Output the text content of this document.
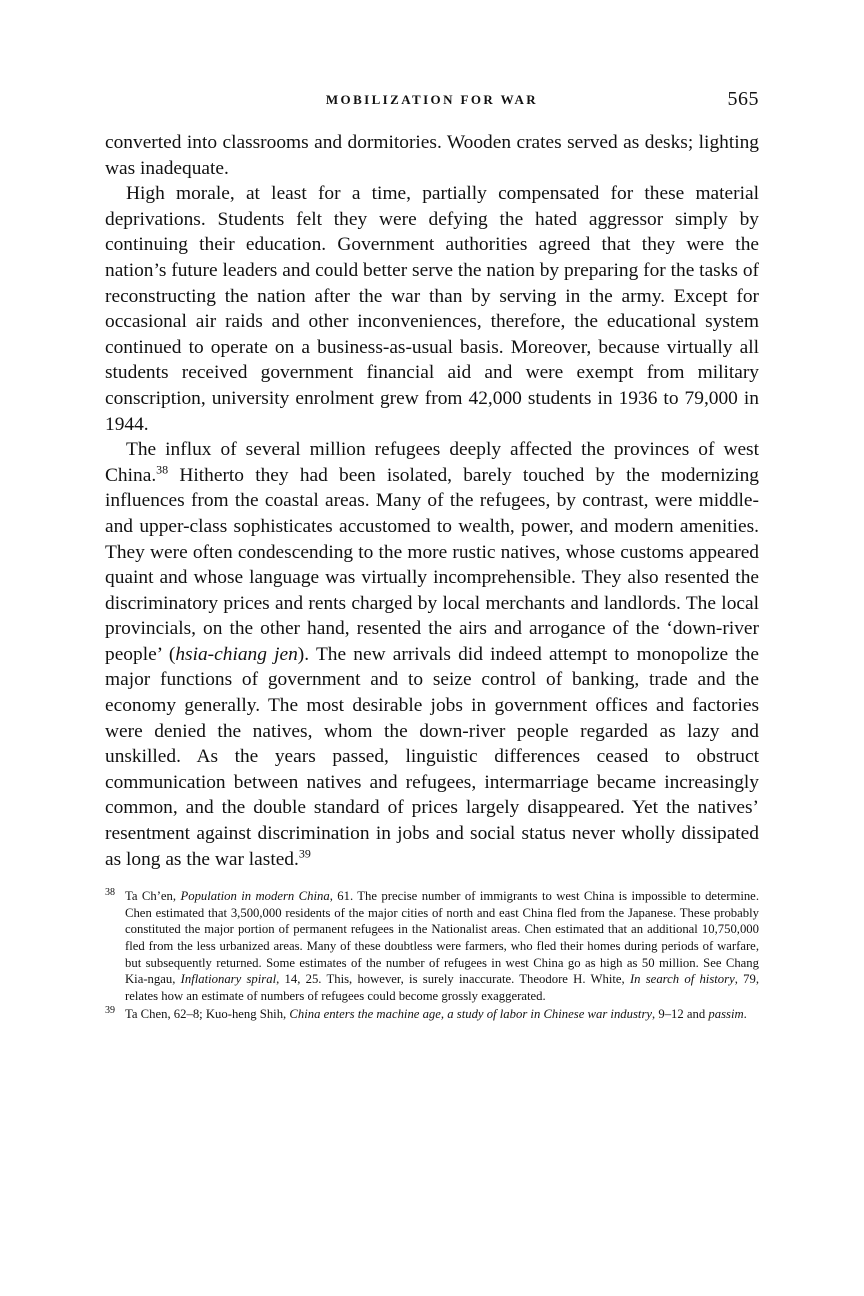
MOBILIZATION FOR WAR	565

converted into classrooms and dormitories. Wooden crates served as desks; lighting was inadequate.

High morale, at least for a time, partially compensated for these material deprivations. Students felt they were defying the hated aggressor simply by continuing their education. Government authorities agreed that they were the nation’s future leaders and could better serve the nation by preparing for the tasks of reconstructing the nation after the war than by serving in the army. Except for occasional air raids and other inconveniences, therefore, the educational system continued to operate on a business-as-usual basis. Moreover, because virtually all students received government financial aid and were exempt from military conscription, university enrolment grew from 42,000 students in 1936 to 79,000 in 1944.

The influx of several million refugees deeply affected the provinces of west China.$^{38}$ Hitherto they had been isolated, barely touched by the modernizing influences from the coastal areas. Many of the refugees, by contrast, were middle- and upper-class sophisticates accustomed to wealth, power, and modern amenities. They were often condescending to the more rustic natives, whose customs appeared quaint and whose language was virtually incomprehensible. They also resented the discriminatory prices and rents charged by local merchants and landlords. The local provincials, on the other hand, resented the airs and arrogance of the ‘down-river people’ (hsia-chiang jen). The new arrivals did indeed attempt to monopolize the major functions of government and to seize control of banking, trade and the economy generally. The most desirable jobs in government offices and factories were denied the natives, whom the down-river people regarded as lazy and unskilled. As the years passed, linguistic differences ceased to obstruct communication between natives and refugees, intermarriage became increasingly common, and the double standard of prices largely disappeared. Yet the natives’ resentment against discrimination in jobs and social status never wholly dissipated as long as the war lasted.$^{39}$

38 Ta Ch’en, Population in modern China, 61. The precise number of immigrants to west China is impossible to determine. Chen estimated that 3,500,000 residents of the major cities of north and east China fled from the Japanese. These probably constituted the major portion of permanent refugees in the Nationalist areas. Chen estimated that an additional 10,750,000 fled from the less urbanized areas. Many of these doubtless were farmers, who fled their homes during periods of warfare, but subsequently returned. Some estimates of the number of refugees in west China go as high as 50 million. See Chang Kia-ngau, Inflationary spiral, 14, 25. This, however, is surely inaccurate. Theodore H. White, In search of history, 79, relates how an estimate of numbers of refugees could become grossly exaggerated.

39 Ta Chen, 62–8; Kuo-heng Shih, China enters the machine age, a study of labor in Chinese war industry, 9–12 and passim.
